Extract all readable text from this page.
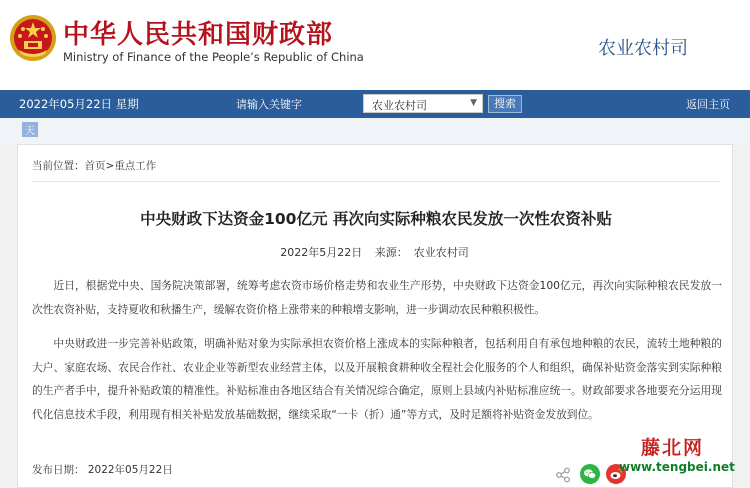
中华人民共和国财政部
Ministry of Finance of the People’s Republic of China	农业农村司
2022年05月22日 星期
请输入关键字	农业农村司	▼	搜索	返回主页
天
当前位置：首页>重点工作
中央财政下达资金100亿元 再次向实际种粮农民发放一次性农资补贴
2022年5月22日 来源： 农业农村司

近日，根据党中央、国务院决策部署，统筹考虑农资市场价格走势和农业生产形势，中央财政下达资金100亿元，再次向实际种粮农民发放一次性农资补贴，支持夏收和秋播生产，缓解农资价格上涨带来的种粮增支影响，进一步调动农民种粮积极性。

中央财政进一步完善补贴政策，明确补贴对象为实际承担农资价格上涨成本的实际种粮者，包括利用自有承包地种粮的农民，流转土地种粮的大户、家庭农场、农民合作社、农业企业等新型农业经营主体，以及开展粮食耕种收全程社会化服务的个人和组织，确保补贴资金落实到实际种粮的生产者手中，提升补贴政策的精准性。补贴标准由各地区结合有关情况综合确定，原则上县域内补贴标准应统一。财政部要求各地要充分运用现代化信息技术手段，利用现有相关补贴发放基础数据，继续采取“一卡（折）通”等方式，及时足额将补贴资金发放到位。

发布日期： 2022年05月22日
藤北网
www.tengbei.net
